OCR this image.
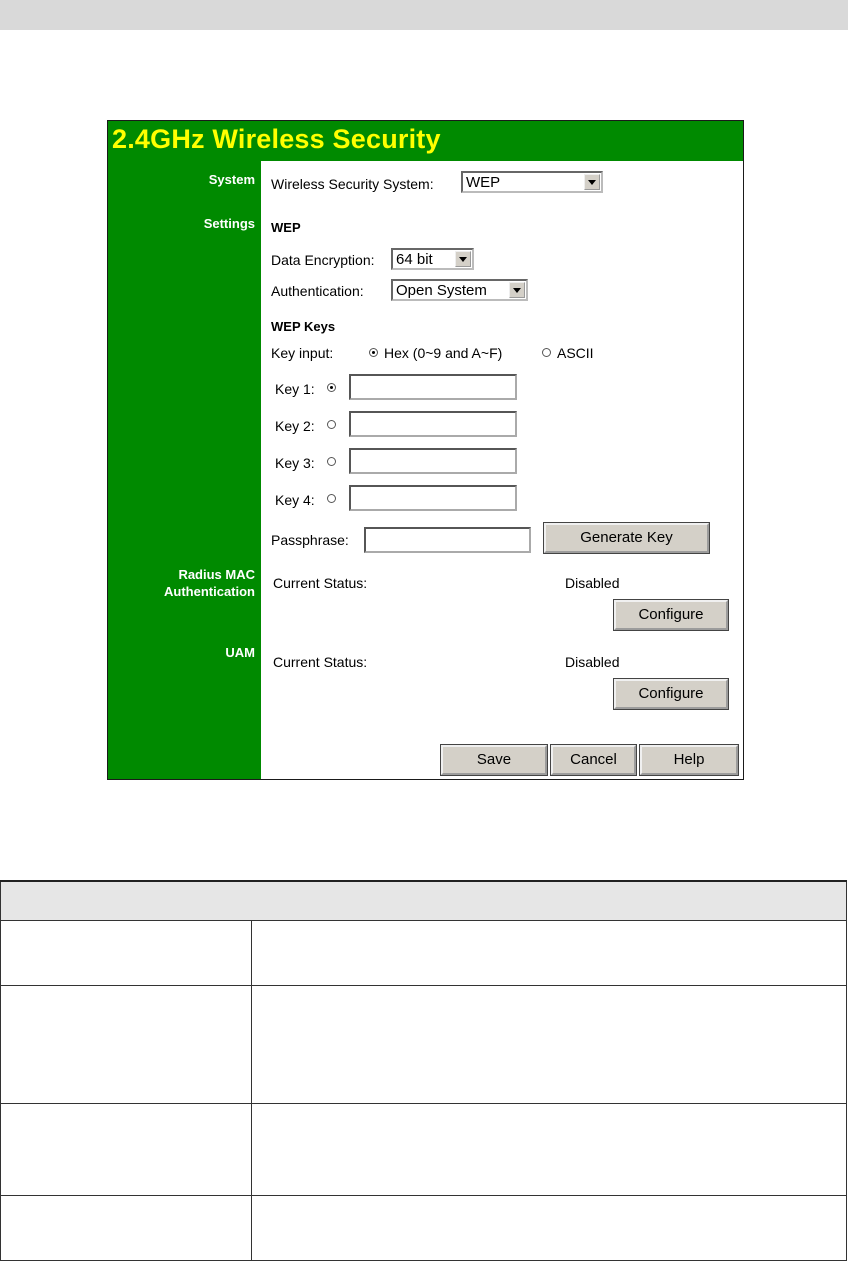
2.4GHz Wireless Security
System
Settings
Radius MAC
Authentication
UAM
Wireless Security System: WEP
WEP
Data Encryption: 64 bit
Authentication: Open System
WEP Keys
Key input:	Hex (0~9 and A~F)	ASCII
Key 1:
Key 2:
Key 3:
Key 4:
Passphrase:	Generate Key
Current Status:	Disabled
Configure
Current Status:	Disabled
Configure
Save	Cancel	Help
